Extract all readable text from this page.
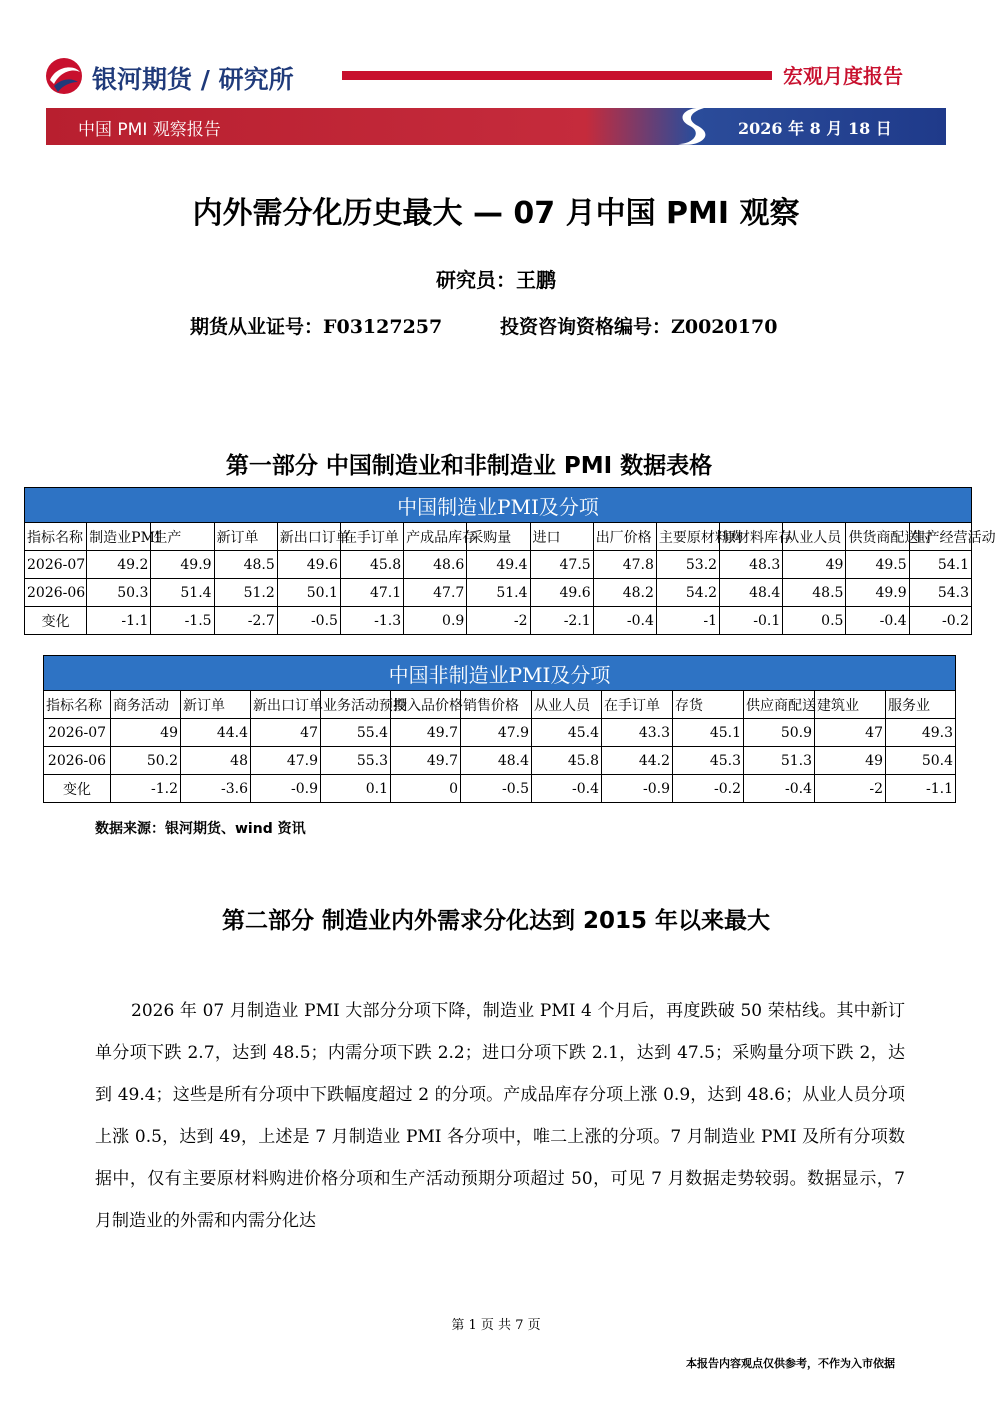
银河期货 / 研究所	宏观月度报告
中国 PMI 观察报告	2026 年 8 月 18 日
内外需分化历史最大 — 07 月中国 PMI 观察
研究员：王鹏
期货从业证号：F03127257	投资咨询资格编号：Z0020170
第一部分 中国制造业和非制造业 PMI 数据表格
中国制造业PMI及分项														
指标名称	制造业PMI	生产	新订单	新出口订单	在手订单	产成品库存	采购量	进口	出厂价格	主要原材料购	原材料库存	从业人员	供货商配送时	生产经营活动
2026-07	49.2	49.9	48.5	49.6	45.8	48.6	49.4	47.5	47.8	53.2	48.3	49	49.5	54.1
2026-06	50.3	51.4	51.2	50.1	47.1	47.7	51.4	49.6	48.2	54.2	48.4	48.5	49.9	54.3
变化	-1.1	-1.5	-2.7	-0.5	-1.3	0.9	-2	-2.1	-0.4	-1	-0.1	0.5	-0.4	-0.2
中国非制造业PMI及分项												
指标名称	商务活动	新订单	新出口订单	业务活动预期	投入品价格	销售价格	从业人员	在手订单	存货	供应商配送	建筑业	服务业
2026-07	49	44.4	47	55.4	49.7	47.9	45.4	43.3	45.1	50.9	47	49.3
2026-06	50.2	48	47.9	55.3	49.7	48.4	45.8	44.2	45.3	51.3	49	50.4
变化	-1.2	-3.6	-0.9	0.1	0	-0.5	-0.4	-0.9	-0.2	-0.4	-2	-1.1
数据来源：银河期货、wind 资讯
第二部分 制造业内外需求分化达到 2015 年以来最大

2026 年 07 月制造业 PMI 大部分分项下降，制造业 PMI 4 个月后，再度跌破 50 荣枯线。其中新订单分项下跌 2.7，达到 48.5；内需分项下跌 2.2；进口分项下跌 2.1，达到 47.5；采购量分项下跌 2，达到 49.4；这些是所有分项中下跌幅度超过 2 的分项。产成品库存分项上涨 0.9，达到 48.6；从业人员分项上涨 0.5，达到 49，上述是 7 月制造业 PMI 各分项中，唯二上涨的分项。7 月制造业 PMI 及所有分项数据中，仅有主要原材料购进价格分项和生产活动预期分项超过 50，可见 7 月数据走势较弱。数据显示，7 月制造业的外需和内需分化达

第 1 页 共 7 页
本报告内容观点仅供参考，不作为入市依据
